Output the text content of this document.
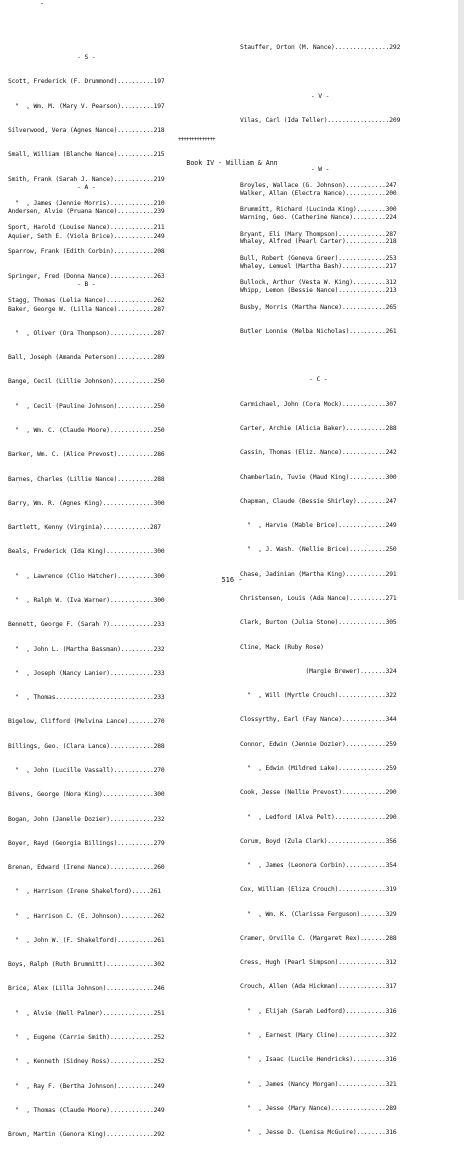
-

- S -

Scott, Frederick (F. Drummond)..........197

"  , Wm. M. (Mary V. Pearson).........197

Silverwood, Vera (Agnes Nance)..........218

Small, William (Blanche Nance)..........215

Smith, Frank (Sarah J. Nance)...........219

"  , James (Jennie Morris)............210

Sport, Harold (Louise Nance)............211

Sparrow, Frank (Edith Corbin)...........208

Springer, Fred (Donna Nance)............263

Stagg, Thomas (Lelia Nance).............262

++++++++++++++

Stauffer, Orton (M. Nance)...............292

- V -

Vilas, Carl (Ida Teller).................209

- W -

Walker, Allan (Electra Nance)...........200

Warning, Geo. (Catherine Nance).........224

Whaley, Alfred (Pearl Carter)...........218

Whaley, Lemuel (Martha Bash)............217

Whipp, Lemon (Bessie Nance).............213

Book IV - William & Ann

- A -

Andersen, Alvie (Pruana Nance)..........239

Aquier, Seth E. (Viola Brice)...........249

- B -

Baker, George W. (Lilla Nance)..........287

"  , Oliver (Ora Thompson)............287

Ball, Joseph (Amanda Peterson)..........289

Bange, Cecil (Lillie Johnson)...........250

"  , Cecil (Pauline Johnson)..........250

"  , Wm. C. (Claude Moore)............250

Barker, Wm. C. (Alice Prevost)..........286

Barnes, Charles (Lillie Nance)..........288

Barry, Wm. R. (Agnes King)..............300

Bartlett, Kenny (Virginia).............287

Beals, Frederick (Ida King).............300

"  , Lawrence (Clio Hatcher)..........300

"  , Ralph W. (Iva Warner)............300

Bennett, George F. (Sarah ?)............233

"  , John L. (Martha Bassman).........232

"  , Joseph (Nancy Lanier)............233

"  , Thomas...........................233

Bigelow, Clifford (Melvina Lance).......270

Billings, Geo. (Clara Lance)............288

"  , John (Lucille Vassall)...........270

Bivens, George (Nora King)..............300

Bogan, John (Janelle Dozier)............232

Boyer, Rayd (Georgia Billings)..........279

Brenan, Edward (Irene Nance)............260

"  , Harrison (Irene Shakelford).....261

"  , Harrison C. (E. Johnson).........262

"  , John W. (F. Shakelford)..........261

Boys, Ralph (Ruth Brummitt).............302

Brice, Alex (Lilla Johnson).............246

"  , Alvie (Nell Palmer)..............251

"  , Eugene (Carrie Smith)............252

"  , Kenneth (Sidney Ross)............252

"  , Ray F. (Bertha Johnson)..........249

"  , Thomas (Claude Moore)............249

Brown, Martin (Genora King).............292

Broyles, Wallace (G. Johnson)...........247

Brummitt, Richard (Lucinda King)........300

Bryant, Eli (Mary Thompson).............287

Bull, Robert (Geneva Greer).............253

Bullock, Arthur (Vesta W. King).........312

Busby, Morris (Martha Nance)............265

Butler Lonnie (Melba Nicholas)..........261

- C -

Carmichael, John (Cora Mock)............307

Carter, Archie (Alicia Baker)...........288

Cassin, Thomas (Eliz. Nance)............242

Chamberlain, Tuvie (Maud King)..........300

Chapman, Claude (Bessie Shirley)........247

"  , Harvie (Mable Brice).............249

"  , J. Wash. (Nellie Brice)..........250

Chase, Jadinian (Martha King)...........291

Christensen, Louis (Ada Nance)..........271

Clark, Burton (Julia Stone).............305

Cline, Mack (Ruby Rose)

(Margie Brewer).......324

"  , Will (Myrtle Crouch).............322

Clossyrthy, Earl (Fay Nance)............344

Connor, Edwin (Jennie Dozier)...........259

"  , Edwin (Mildred Lake).............259

Cook, Jesse (Nellie Prevost)............290

"  , Ledford (Alva Pelt)..............290

Corum, Boyd (Zula Clark)................356

"  , James (Leonora Corbin)...........354

Cox, William (Eliza Crouch).............319

"  , Wm. K. (Clarissa Ferguson).......329

Cramer, Orville C. (Margaret Rex).......288

Cress, Hugh (Pearl Simpson).............312

Crouch, Allen (Ada Hickman).............317

"  , Elijah (Sarah Ledford)...........316

"  , Earnest (Mary Cline).............322

"  , Isaac (Lucile Hendricks).........316

"  , James (Nancy Morgan).............321

"  , Jesse (Mary Nance)...............289

"  , Jesse D. (Lenisa McGuire)........316

516 -
